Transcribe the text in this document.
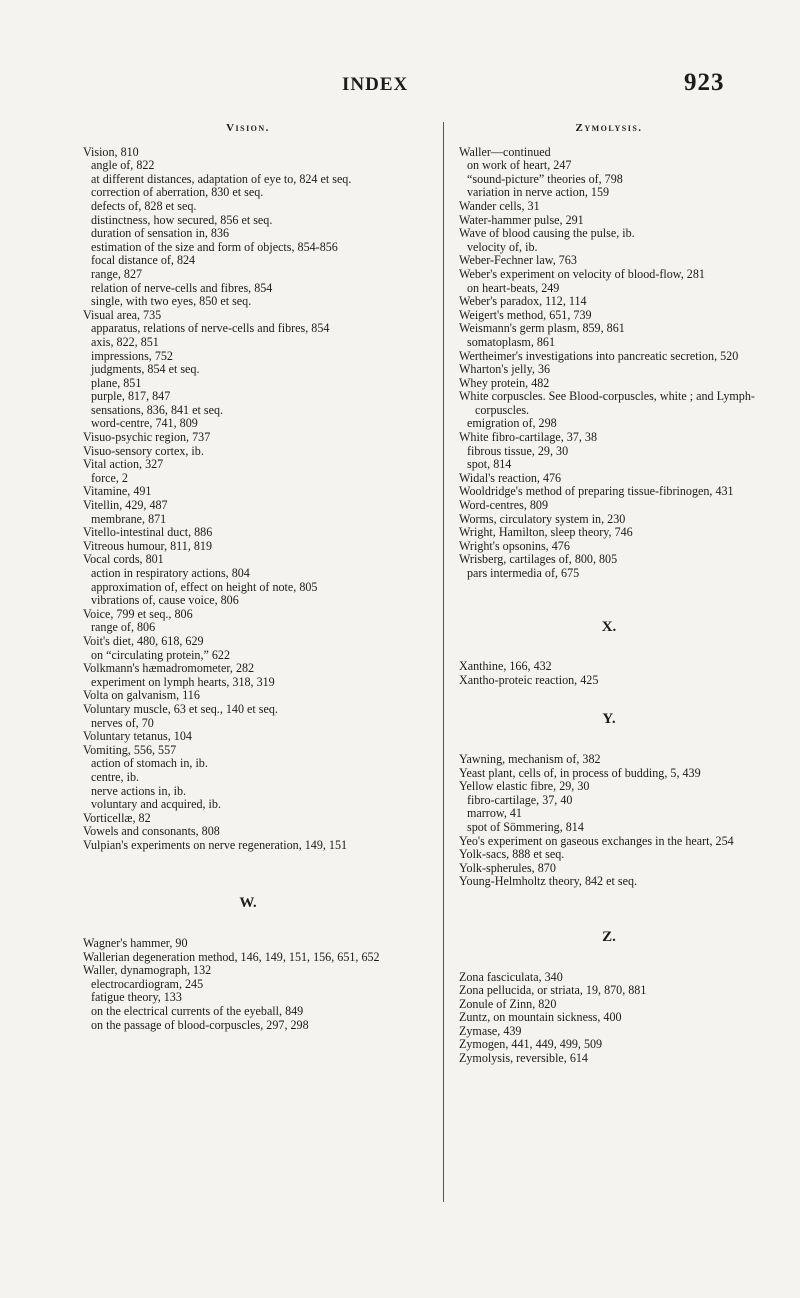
INDEX	923
Vision.
Vision, 810
angle of, 822
at different distances, adaptation of eye to, 824 et seq.
correction of aberration, 830 et seq.
defects of, 828 et seq.
distinctness, how secured, 856 et seq.
duration of sensation in, 836
estimation of the size and form of objects, 854-856
focal distance of, 824
range, 827
relation of nerve-cells and fibres, 854
single, with two eyes, 850 et seq.
Visual area, 735
apparatus, relations of nerve-cells and fibres, 854
axis, 822, 851
impressions, 752
judgments, 854 et seq.
plane, 851
purple, 817, 847
sensations, 836, 841 et seq.
word-centre, 741, 809
Visuo-psychic region, 737
Visuo-sensory cortex, ib.
Vital action, 327
force, 2
Vitamine, 491
Vitellin, 429, 487
membrane, 871
Vitello-intestinal duct, 886
Vitreous humour, 811, 819
Vocal cords, 801
action in respiratory actions, 804
approximation of, effect on height of note, 805
vibrations of, cause voice, 806
Voice, 799 et seq., 806
range of, 806
Voit's diet, 480, 618, 629
on “circulating protein,” 622
Volkmann's hæmadromometer, 282
experiment on lymph hearts, 318, 319
Volta on galvanism, 116
Voluntary muscle, 63 et seq., 140 et seq.
nerves of, 70
Voluntary tetanus, 104
Vomiting, 556, 557
action of stomach in, ib.
centre, ib.
nerve actions in, ib.
voluntary and acquired, ib.
Vorticellæ, 82
Vowels and consonants, 808
Vulpian's experiments on nerve regeneration, 149, 151
W.
Wagner's hammer, 90
Wallerian degeneration method, 146, 149, 151, 156, 651, 652
Waller, dynamograph, 132
electrocardiogram, 245
fatigue theory, 133
on the electrical currents of the eyeball, 849
on the passage of blood-corpuscles, 297, 298
Zymolysis.
Waller—continued
on work of heart, 247
“sound-picture” theories of, 798
variation in nerve action, 159
Wander cells, 31
Water-hammer pulse, 291
Wave of blood causing the pulse, ib.
velocity of, ib.
Weber-Fechner law, 763
Weber's experiment on velocity of blood-flow, 281
on heart-beats, 249
Weber's paradox, 112, 114
Weigert's method, 651, 739
Weismann's germ plasm, 859, 861
somatoplasm, 861
Wertheimer's investigations into pancreatic secretion, 520
Wharton's jelly, 36
Whey protein, 482
White corpuscles. See Blood-corpuscles, white ; and Lymph-corpuscles.
emigration of, 298
White fibro-cartilage, 37, 38
fibrous tissue, 29, 30
spot, 814
Widal's reaction, 476
Wooldridge's method of preparing tissue-fibrinogen, 431
Word-centres, 809
Worms, circulatory system in, 230
Wright, Hamilton, sleep theory, 746
Wright's opsonins, 476
Wrisberg, cartilages of, 800, 805
pars intermedia of, 675
X.
Xanthine, 166, 432
Xantho-proteic reaction, 425
Y.
Yawning, mechanism of, 382
Yeast plant, cells of, in process of budding, 5, 439
Yellow elastic fibre, 29, 30
fibro-cartilage, 37, 40
marrow, 41
spot of Sömmering, 814
Yeo's experiment on gaseous exchanges in the heart, 254
Yolk-sacs, 888 et seq.
Yolk-spherules, 870
Young-Helmholtz theory, 842 et seq.
Z.
Zona fasciculata, 340
Zona pellucida, or striata, 19, 870, 881
Zonule of Zinn, 820
Zuntz, on mountain sickness, 400
Zymase, 439
Zymogen, 441, 449, 499, 509
Zymolysis, reversible, 614
